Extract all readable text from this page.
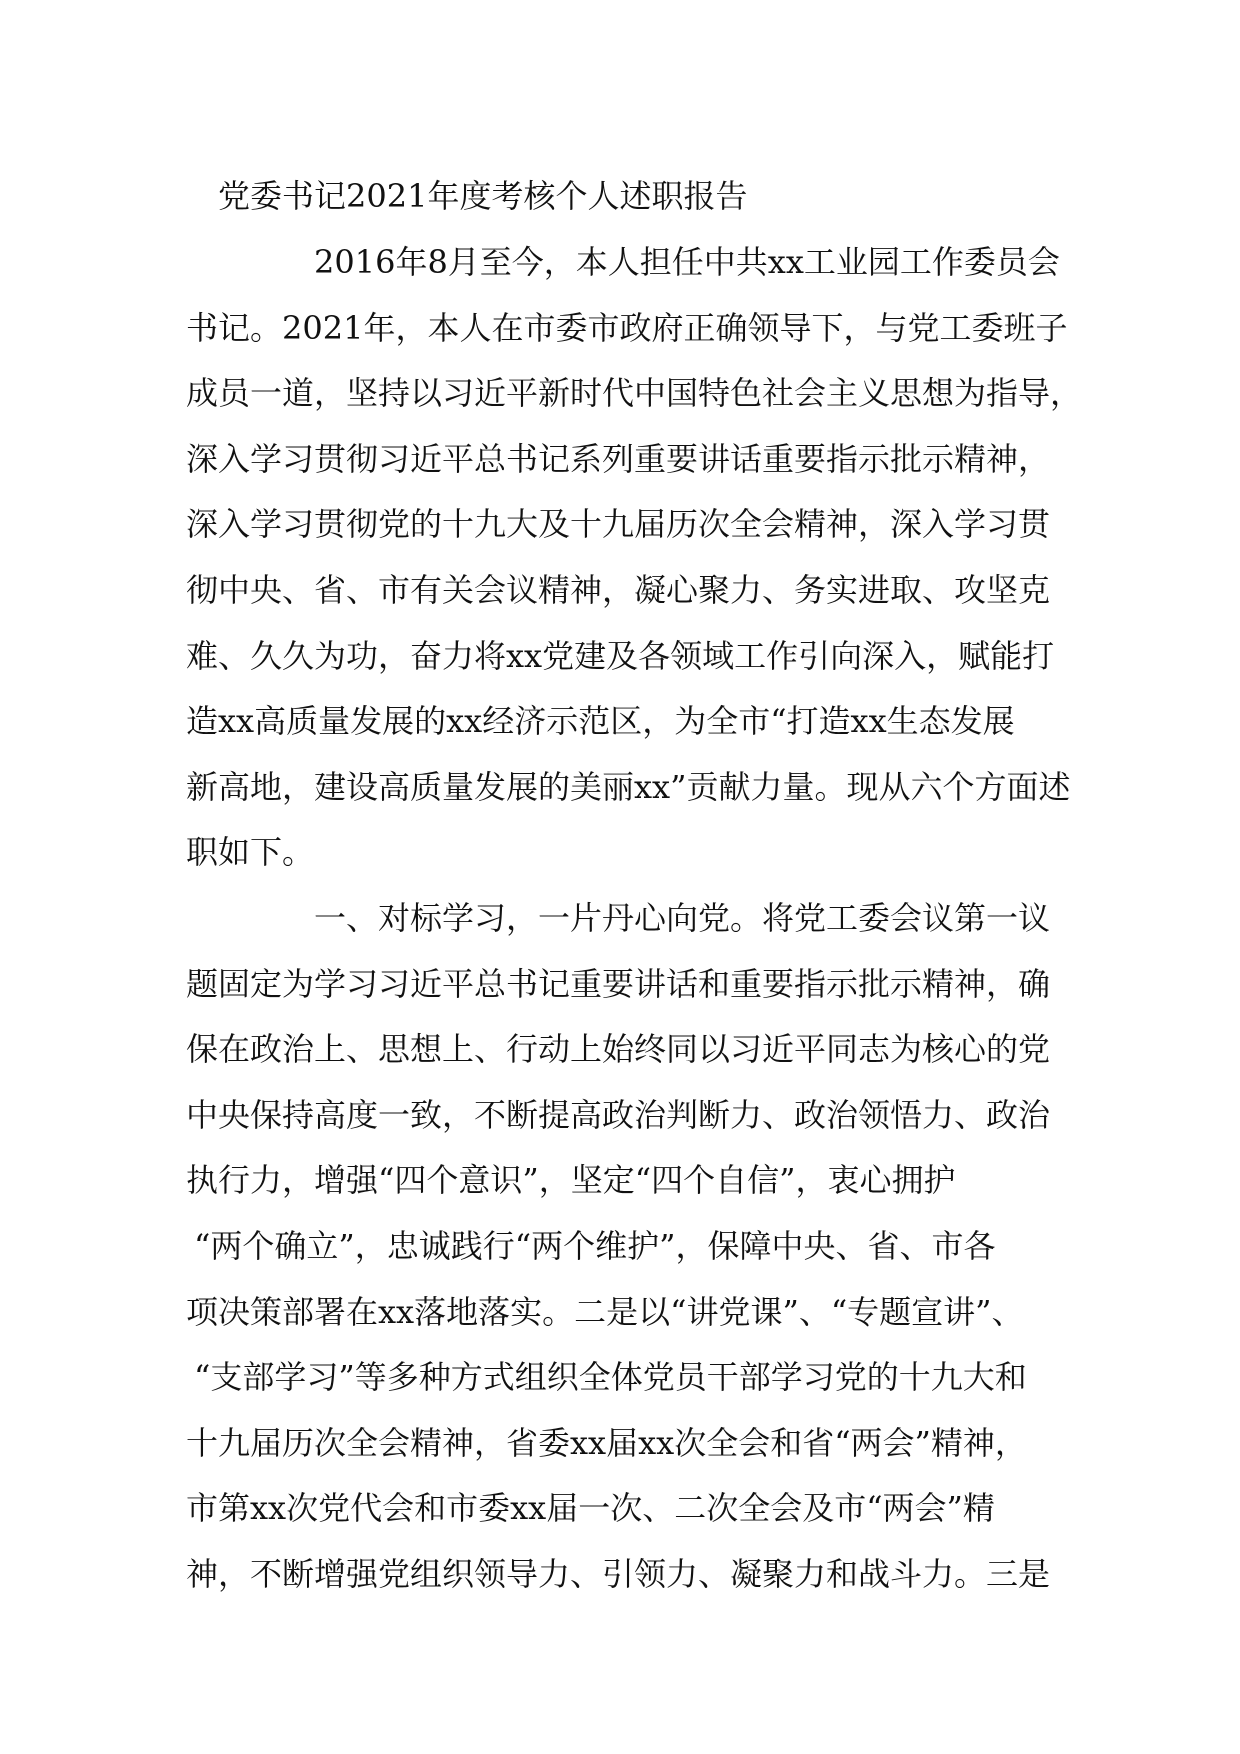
党委书记2021年度考核个人述职报告
2016年8月至今，本人担任中共xx工业园工作委员会
书记。2021年，本人在市委市政府正确领导下，与党工委班子
成员一道，坚持以习近平新时代中国特色社会主义思想为指导，
深入学习贯彻习近平总书记系列重要讲话重要指示批示精神，
深入学习贯彻党的十九大及十九届历次全会精神，深入学习贯
彻中央、省、市有关会议精神，凝心聚力、务实进取、攻坚克
难、久久为功，奋力将xx党建及各领域工作引向深入，赋能打
造xx高质量发展的xx经济示范区，为全市“打造xx生态发展
新高地，建设高质量发展的美丽xx”贡献力量。现从六个方面述
职如下。
一、对标学习，一片丹心向党。将党工委会议第一议
题固定为学习习近平总书记重要讲话和重要指示批示精神，确
保在政治上、思想上、行动上始终同以习近平同志为核心的党
中央保持高度一致，不断提高政治判断力、政治领悟力、政治
执行力，增强“四个意识”，坚定“四个自信”，衷心拥护
“两个确立”，忠诚践行“两个维护”，保障中央、省、市各
项决策部署在xx落地落实。二是以“讲党课”、“专题宣讲”、
“支部学习”等多种方式组织全体党员干部学习党的十九大和
十九届历次全会精神，省委xx届xx次全会和省“两会”精神，
市第xx次党代会和市委xx届一次、二次全会及市“两会”精
神，不断增强党组织领导力、引领力、凝聚力和战斗力。三是
